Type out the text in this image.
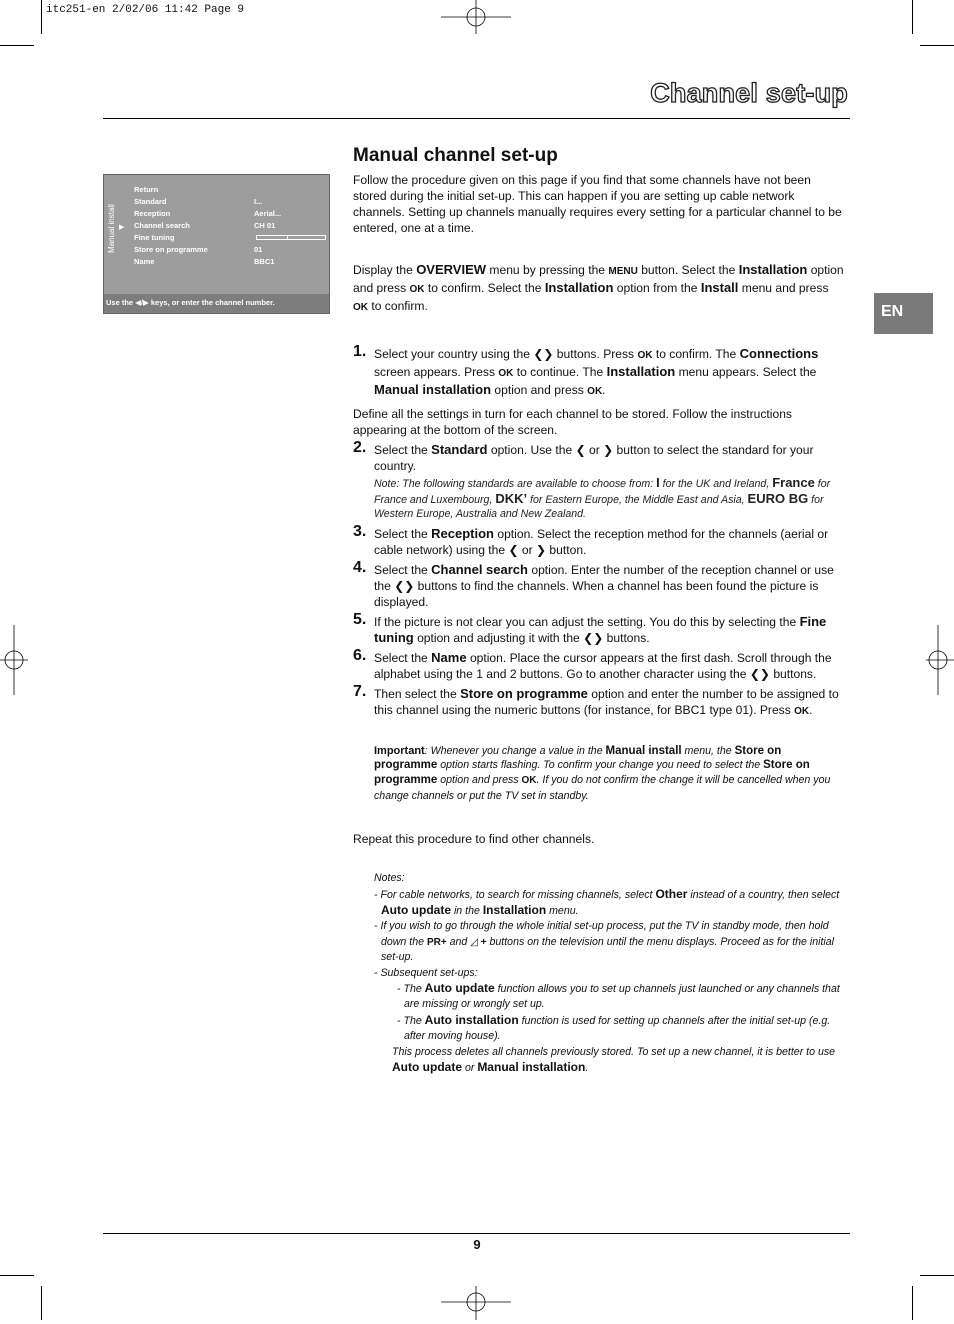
itc251-en 2/02/06 11:42 Page 9
Channel set-up
EN
Manual install ▶
Return
Standard	I...
Reception	Aerial...
Channel search	CH 01
Fine tuning
Store on programme	01
Name	BBC1
Use the ◀/▶ keys, or enter the channel number.
Manual channel set-up

Follow the procedure given on this page if you find that some channels have not been stored during the initial set-up. This can happen if you are setting up cable network channels. Setting up channels manually requires every setting for a particular channel to be entered, one at a time.

Display the OVERVIEW menu by pressing the MENU button. Select the Installation option and press OK to confirm. Select the Installation option from the Install menu and press OK to confirm.

1. Select your country using the ❮❯ buttons. Press OK to confirm. The Connections screen appears. Press OK to continue. The Installation menu appears. Select the Manual installation option and press OK.

Define all the settings in turn for each channel to be stored. Follow the instructions appearing at the bottom of the screen.

2. Select the Standard option. Use the ❮ or ❯ button to select the standard for your country.
Note: The following standards are available to choose from: I for the UK and Ireland, France for France and Luxembourg, DKK’ for Eastern Europe, the Middle East and Asia, EURO BG for Western Europe, Australia and New Zealand.
3. Select the Reception option. Select the reception method for the channels (aerial or cable network) using the ❮ or ❯ button.
4. Select the Channel search option. Enter the number of the reception channel or use the ❮❯ buttons to find the channels. When a channel has been found the picture is displayed.
5. If the picture is not clear you can adjust the setting. You do this by selecting the Fine tuning option and adjusting it with the ❮❯ buttons.
6. Select the Name option. Place the cursor appears at the first dash. Scroll through the alphabet using the 1 and 2 buttons. Go to another character using the ❮❯ buttons.
7. Then select the Store on programme option and enter the number to be assigned to this channel using the numeric buttons (for instance, for BBC1 type 01). Press OK.
Important: Whenever you change a value in the Manual install menu, the Store on programme option starts flashing. To confirm your change you need to select the Store on programme option and press OK. If you do not confirm the change it will be cancelled when you change channels or put the TV set in standby.

Repeat this procedure to find other channels.

Notes:
- For cable networks, to search for missing channels, select Other instead of a country, then select Auto update in the Installation menu.
- If you wish to go through the whole initial set-up process, put the TV in standby mode, then hold down the PR+ and ◿ + buttons on the television until the menu displays. Proceed as for the initial set-up.
- Subsequent set-ups:
- The Auto update function allows you to set up channels just launched or any channels that are missing or wrongly set up.
- The Auto installation function is used for setting up channels after the initial set-up (e.g. after moving house).
This process deletes all channels previously stored. To set up a new channel, it is better to use Auto update or Manual installation.
9
